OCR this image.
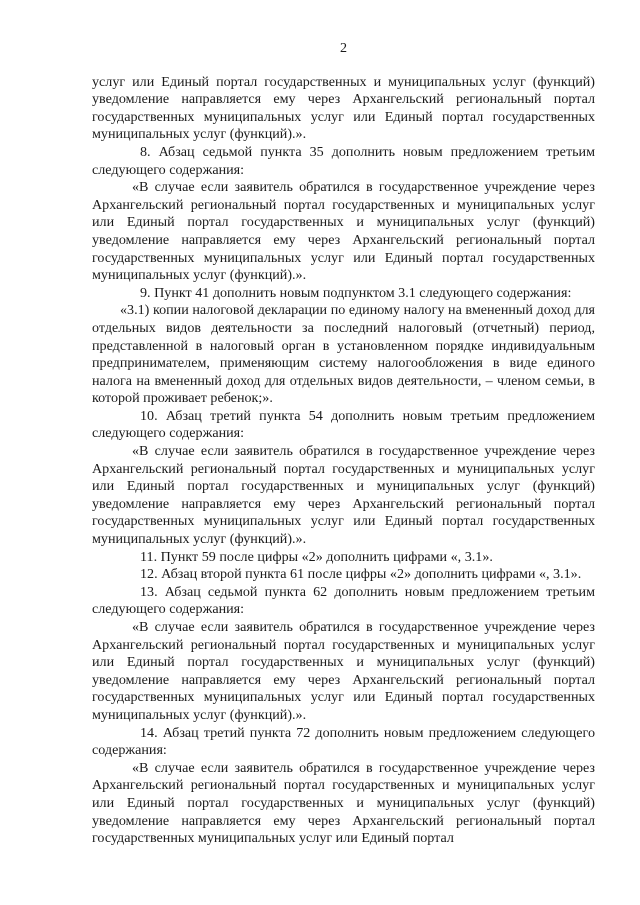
2

услуг или Единый портал государственных и муниципальных услуг (функций) уведомление направляется ему через Архангельский региональный портал государственных муниципальных услуг или Единый портал государственных муниципальных услуг (функций).».

8. Абзац седьмой пункта 35 дополнить новым предложением третьим следующего содержания:

«В случае если заявитель обратился в государственное учреждение через Архангельский региональный портал государственных и муниципальных услуг или Единый портал государственных и муниципальных услуг (функций) уведомление направляется ему через Архангельский региональный портал государственных муниципальных услуг или Единый портал государственных муниципальных услуг (функций).».

9. Пункт 41 дополнить новым подпунктом 3.1 следующего содержания:

«3.1) копии налоговой декларации по единому налогу на вмененный доход для отдельных видов деятельности за последний налоговый (отчетный) период, представленной в налоговый орган в установленном порядке индивидуальным предпринимателем, применяющим систему налогообложения в виде единого налога на вмененный доход для отдельных видов деятельности, – членом семьи, в которой проживает ребенок;».

10. Абзац третий пункта 54 дополнить новым третьим предложением следующего содержания:

«В случае если заявитель обратился в государственное учреждение через Архангельский региональный портал государственных и муниципальных услуг или Единый портал государственных и муниципальных услуг (функций) уведомление направляется ему через Архангельский региональный портал государственных муниципальных услуг или Единый портал государственных муниципальных услуг (функций).».

11. Пункт 59 после цифры «2» дополнить цифрами «, 3.1».

12. Абзац второй пункта 61 после цифры «2» дополнить цифрами «, 3.1».

13. Абзац седьмой пункта 62 дополнить новым предложением третьим следующего содержания:

«В случае если заявитель обратился в государственное учреждение через Архангельский региональный портал государственных и муниципальных услуг или Единый портал государственных и муниципальных услуг (функций) уведомление направляется ему через Архангельский региональный портал государственных муниципальных услуг или Единый портал государственных муниципальных услуг (функций).».

14. Абзац третий пункта 72 дополнить новым предложением следующего содержания:

«В случае если заявитель обратился в государственное учреждение через Архангельский региональный портал государственных и муниципальных услуг или Единый портал государственных и муниципальных услуг (функций) уведомление направляется ему через Архангельский региональный портал государственных муниципальных услуг или Единый портал
